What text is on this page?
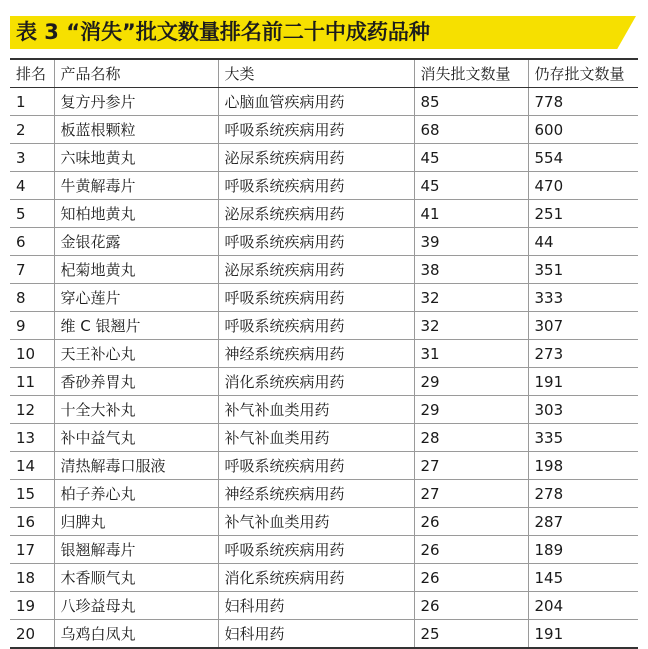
表 3 “消失”批文数量排名前二十中成药品种
排名	产品名称	大类	消失批文数量	仍存批文数量
1	复方丹参片	心脑血管疾病用药	85	778
2	板蓝根颗粒	呼吸系统疾病用药	68	600
3	六味地黄丸	泌尿系统疾病用药	45	554
4	牛黄解毒片	呼吸系统疾病用药	45	470
5	知柏地黄丸	泌尿系统疾病用药	41	251
6	金银花露	呼吸系统疾病用药	39	44
7	杞菊地黄丸	泌尿系统疾病用药	38	351
8	穿心莲片	呼吸系统疾病用药	32	333
9	维 C 银翘片	呼吸系统疾病用药	32	307
10	天王补心丸	神经系统疾病用药	31	273
11	香砂养胃丸	消化系统疾病用药	29	191
12	十全大补丸	补气补血类用药	29	303
13	补中益气丸	补气补血类用药	28	335
14	清热解毒口服液	呼吸系统疾病用药	27	198
15	柏子养心丸	神经系统疾病用药	27	278
16	归脾丸	补气补血类用药	26	287
17	银翘解毒片	呼吸系统疾病用药	26	189
18	木香顺气丸	消化系统疾病用药	26	145
19	八珍益母丸	妇科用药	26	204
20	乌鸡白凤丸	妇科用药	25	191
